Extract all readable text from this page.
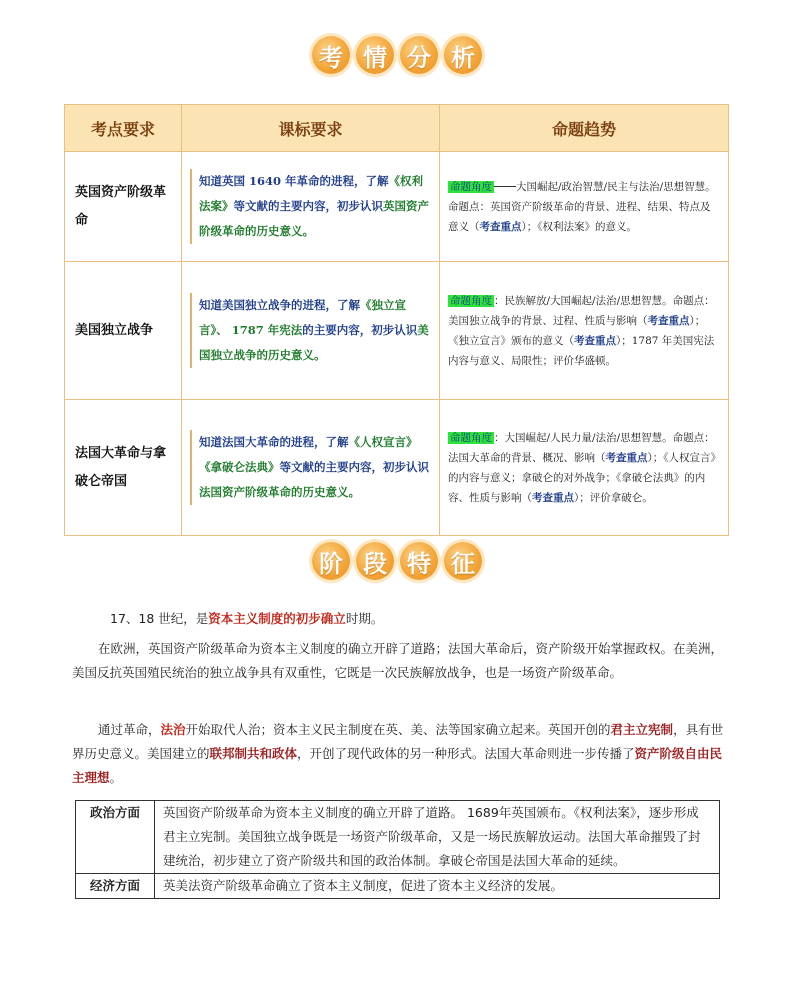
考 情 分 析
考点要求	课标要求	命题趋势
英国资产阶级革命	知道英国 1640 年革命的进程，了解《权利法案》等文献的主要内容，初步认识英国资产阶级革命的历史意义。	命题角度 大国崛起/政治智慧/民主与法治/思想智慧。命题点：英国资产阶级革命的背景、进程、结果、特点及意义（考查重点）；《权利法案》的意义。
美国独立战争	知道美国独立战争的进程，了解《独立宣言》、 1787 年宪法的主要内容，初步认识美国独立战争的历史意义。	命题角度 ：民族解放/大国崛起/法治/思想智慧。命题点：美国独立战争的背景、过程、性质与影响（考查重点）；《独立宣言》颁布的意义（考查重点）；1787 年美国宪法内容与意义、局限性；评价华盛顿。
法国大革命与拿破仑帝国	知道法国大革命的进程，了解《人权宣言》《拿破仑法典》等文献的主要内容，初步认识法国资产阶级革命的历史意义。	命题角度 ：大国崛起/人民力量/法治/思想智慧。命题点：法国大革命的背景、概况、影响（考查重点）；《人权宣言》的内容与意义；拿破仑的对外战争；《拿破仑法典》的内容、性质与影响（考查重点）；评价拿破仑。
阶 段 特 征
17、18 世纪，是资本主义制度的初步确立时期。
在欧洲，英国资产阶级革命为资本主义制度的确立开辟了道路；法国大革命后，资产阶级开始掌握政权。在美洲，美国反抗英国殖民统治的独立战争具有双重性，它既是一次民族解放战争，也是一场资产阶级革命。
通过革命，法治开始取代人治；资本主义民主制度在英、美、法等国家确立起来。英国开创的君主立宪制，具有世界历史意义。美国建立的联邦制共和政体，开创了现代政体的另一种形式。法国大革命则进一步传播了资产阶级自由民主理想。
政治方面	英国资产阶级革命为资本主义制度的确立开辟了道路。 1689年英国颁布。《权利法案》，逐步形成君主立宪制。美国独立战争既是一场资产阶级革命，又是一场民族解放运动。法国大革命摧毁了封建统治，初步建立了资产阶级共和国的政治体制。拿破仑帝国是法国大革命的延续。
经济方面	英美法资产阶级革命确立了资本主义制度，促进了资本主义经济的发展。
